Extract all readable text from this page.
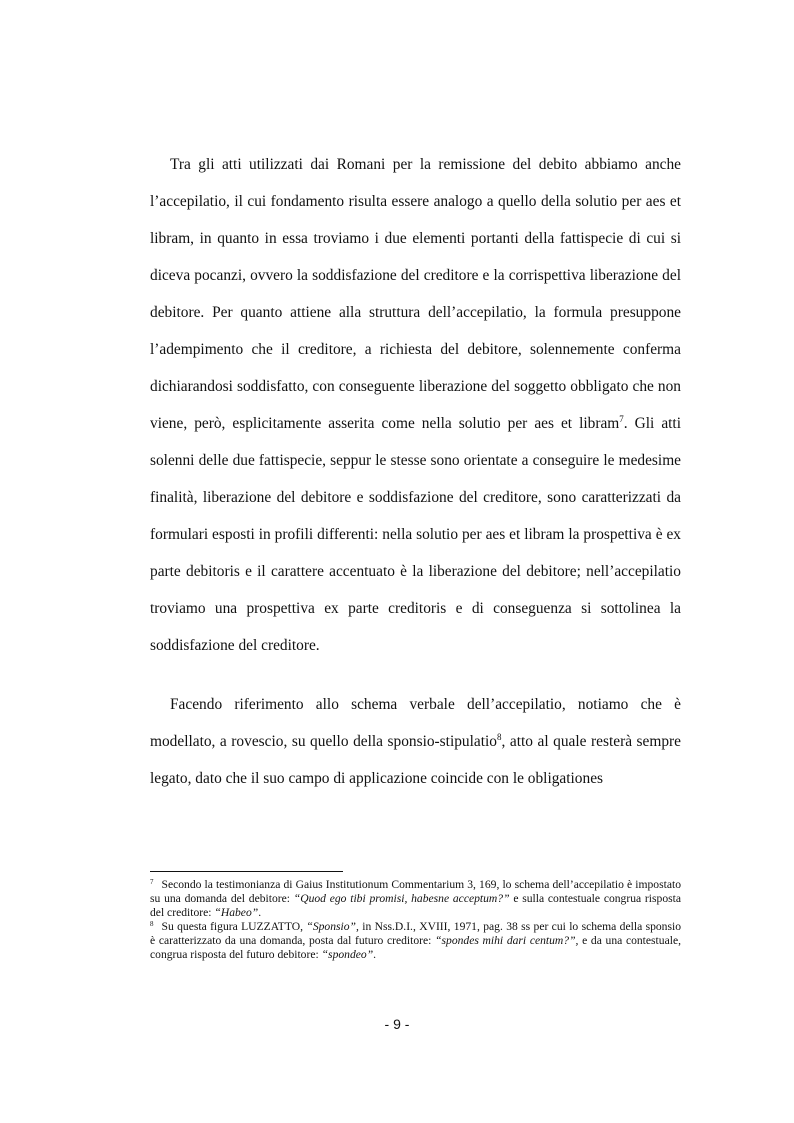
Tra gli atti utilizzati dai Romani per la remissione del debito abbiamo anche l’accepilatio, il cui fondamento risulta essere analogo a quello della solutio per aes et libram, in quanto in essa troviamo i due elementi portanti della fattispecie di cui si diceva pocanzi, ovvero la soddisfazione del creditore e la corrispettiva liberazione del debitore. Per quanto attiene alla struttura dell’accepilatio, la formula presuppone l’adempimento che il creditore, a richiesta del debitore, solennemente conferma dichiarandosi soddisfatto, con conseguente liberazione del soggetto obbligato che non viene, però, esplicitamente asserita come nella solutio per aes et libram$^7$. Gli atti solenni delle due fattispecie, seppur le stesse sono orientate a conseguire le medesime finalità, liberazione del debitore e soddisfazione del creditore, sono caratterizzati da formulari esposti in profili differenti: nella solutio per aes et libram la prospettiva è ex parte debitoris e il carattere accentuato è la liberazione del debitore; nell’accepilatio troviamo una prospettiva ex parte creditoris e di conseguenza si sottolinea la soddisfazione del creditore.

Facendo riferimento allo schema verbale dell’accepilatio, notiamo che è modellato, a rovescio, su quello della sponsio-stipulatio$^8$, atto al quale resterà sempre legato, dato che il suo campo di applicazione coincide con le obligationes

$^7$ Secondo la testimonianza di Gaius Institutionum Commentarium 3, 169, lo schema dell’accepilatio è impostato su una domanda del debitore: “Quod ego tibi promisi, habesne acceptum?” e sulla contestuale congrua risposta del creditore: “Habeo”.

$^8$ Su questa figura LUZZATTO, “Sponsio”, in Nss.D.I., XVIII, 1971, pag. 38 ss per cui lo schema della sponsio è caratterizzato da una domanda, posta dal futuro creditore: “spondes mihi dari centum?”, e da una contestuale, congrua risposta del futuro debitore: “spondeo”.

- 9 -
